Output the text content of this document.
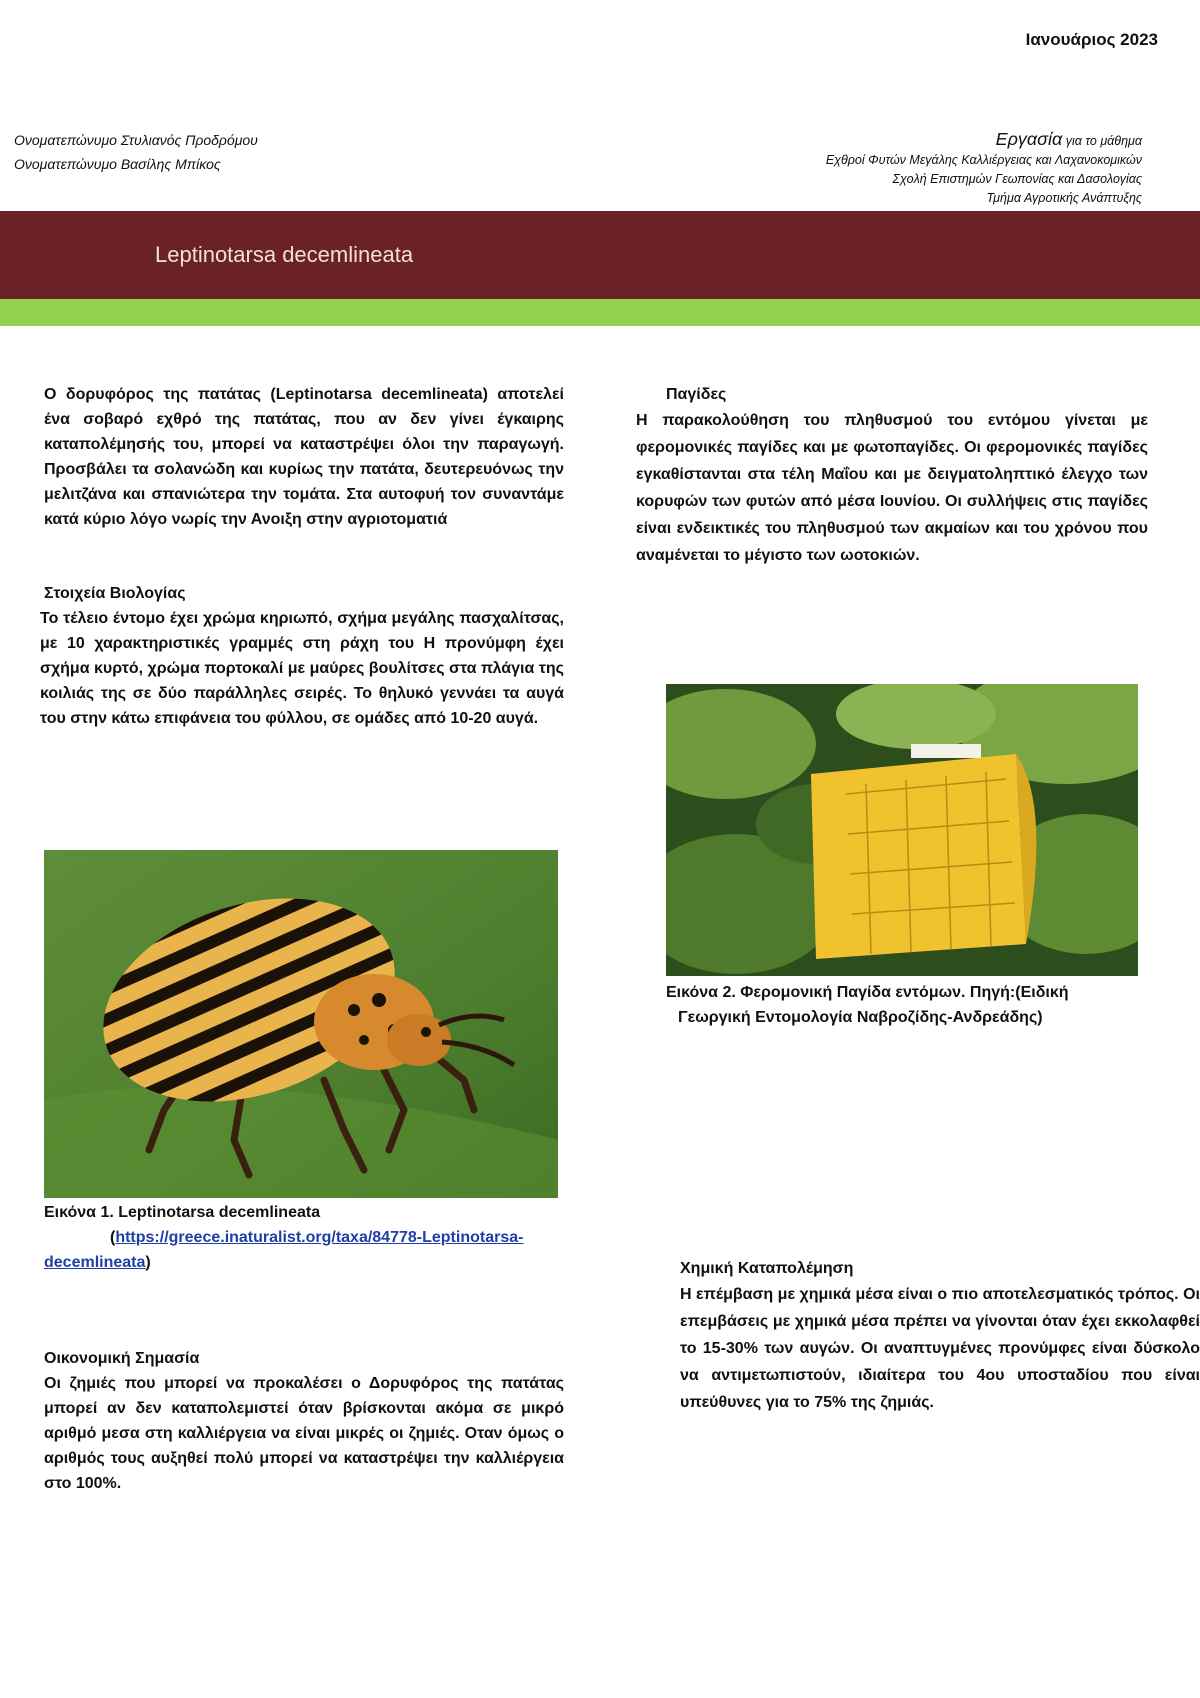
Ιανουάριος 2023
Ονοματεπώνυμο Στυλιανός Προδρόμου
Ονοματεπώνυμο Βασίλης Μπίκος
Εργασία για το μάθημα
Εχθροί Φυτών Μεγάλης Καλλιέργειας και Λαχανοκομικών
Σχολή Επιστημών Γεωπονίας και Δασολογίας
Τμήμα Αγροτικής Ανάπτυξης
Leptinotarsa decemlineata

Ο δορυφόρος της πατάτας (Leptinotarsa decemlineata) αποτελεί ένα σοβαρό εχθρό της πατάτας, που αν δεν γίνει έγκαιρης καταπολέμησής του, μπορεί να καταστρέψει όλοι την παραγωγή. Προσβάλει τα σολανώδη και κυρίως την πατάτα, δευτερευόνως την μελιτζάνα και σπανιώτερα την τομάτα. Στα αυτοφυή τον συναντάμε κατά κύριο λόγο νωρίς την Ανοιξη στην αγριοτοματιά

Στοιχεία Βιολογίας

Το τέλειο έντομο έχει χρώμα κηριωπό, σχήμα μεγάλης πασχαλίτσας, με 10 χαρακτηριστικές γραμμές στη ράχη του Η προνύμφη έχει σχήμα κυρτό, χρώμα πορτοκαλί με μαύρες βουλίτσες στα πλάγια της κοιλιάς της σε δύο παράλληλες σειρές. Το θηλυκό γεννάει τα αυγά του στην κάτω επιφάνεια του φύλλου, σε ομάδες από 10-20 αυγά.

Εικόνα 1. Leptinotarsa decemlineata
(https://greece.inaturalist.org/taxa/84778-Leptinotarsa-
decemlineata)
Οικονομική Σημασία

Οι ζημιές που μπορεί να προκαλέσει ο Δορυφόρος της πατάτας μπορεί αν δεν καταπολεμιστεί όταν βρίσκονται ακόμα σε μικρό αριθμό μεσα στη καλλιέργεια να είναι μικρές οι ζημιές. Οταν όμως ο αριθμός τους αυξηθεί πολύ μπορεί να καταστρέψει την καλλιέργεια στο 100%.

Παγίδες

Η παρακολούθηση του πληθυσμού του εντόμου γίνεται με φερομονικές παγίδες και με φωτοπαγίδες. Οι φερομονικές παγίδες εγκαθίστανται στα τέλη Μαΐου και με δειγματοληπτικό έλεγχο των κορυφών των φυτών από μέσα Ιουνίου. Οι συλλήψεις στις παγίδες είναι ενδεικτικές του πληθυσμού των ακμαίων και του χρόνου που αναμένεται το μέγιστο των ωοτοκιών.

Εικόνα 2. Φερομονική Παγίδα εντόμων. Πηγή:(Ειδική
Γεωργική Εντομολογία Ναβροζίδης-Ανδρεάδης)
Χημική Καταπολέμηση

Η επέμβαση με χημικά μέσα είναι ο πιο αποτελεσματικός τρόπος. Οι επεμβάσεις με χημικά μέσα πρέπει να γίνονται όταν έχει εκκολαφθεί το 15-30% των αυγών. Οι αναπτυγμένες προνύμφες είναι δύσκολο να αντιμετωπιστούν, ιδιαίτερα του 4ου υποσταδίου που είναι υπεύθυνες για το 75% της ζημιάς.
